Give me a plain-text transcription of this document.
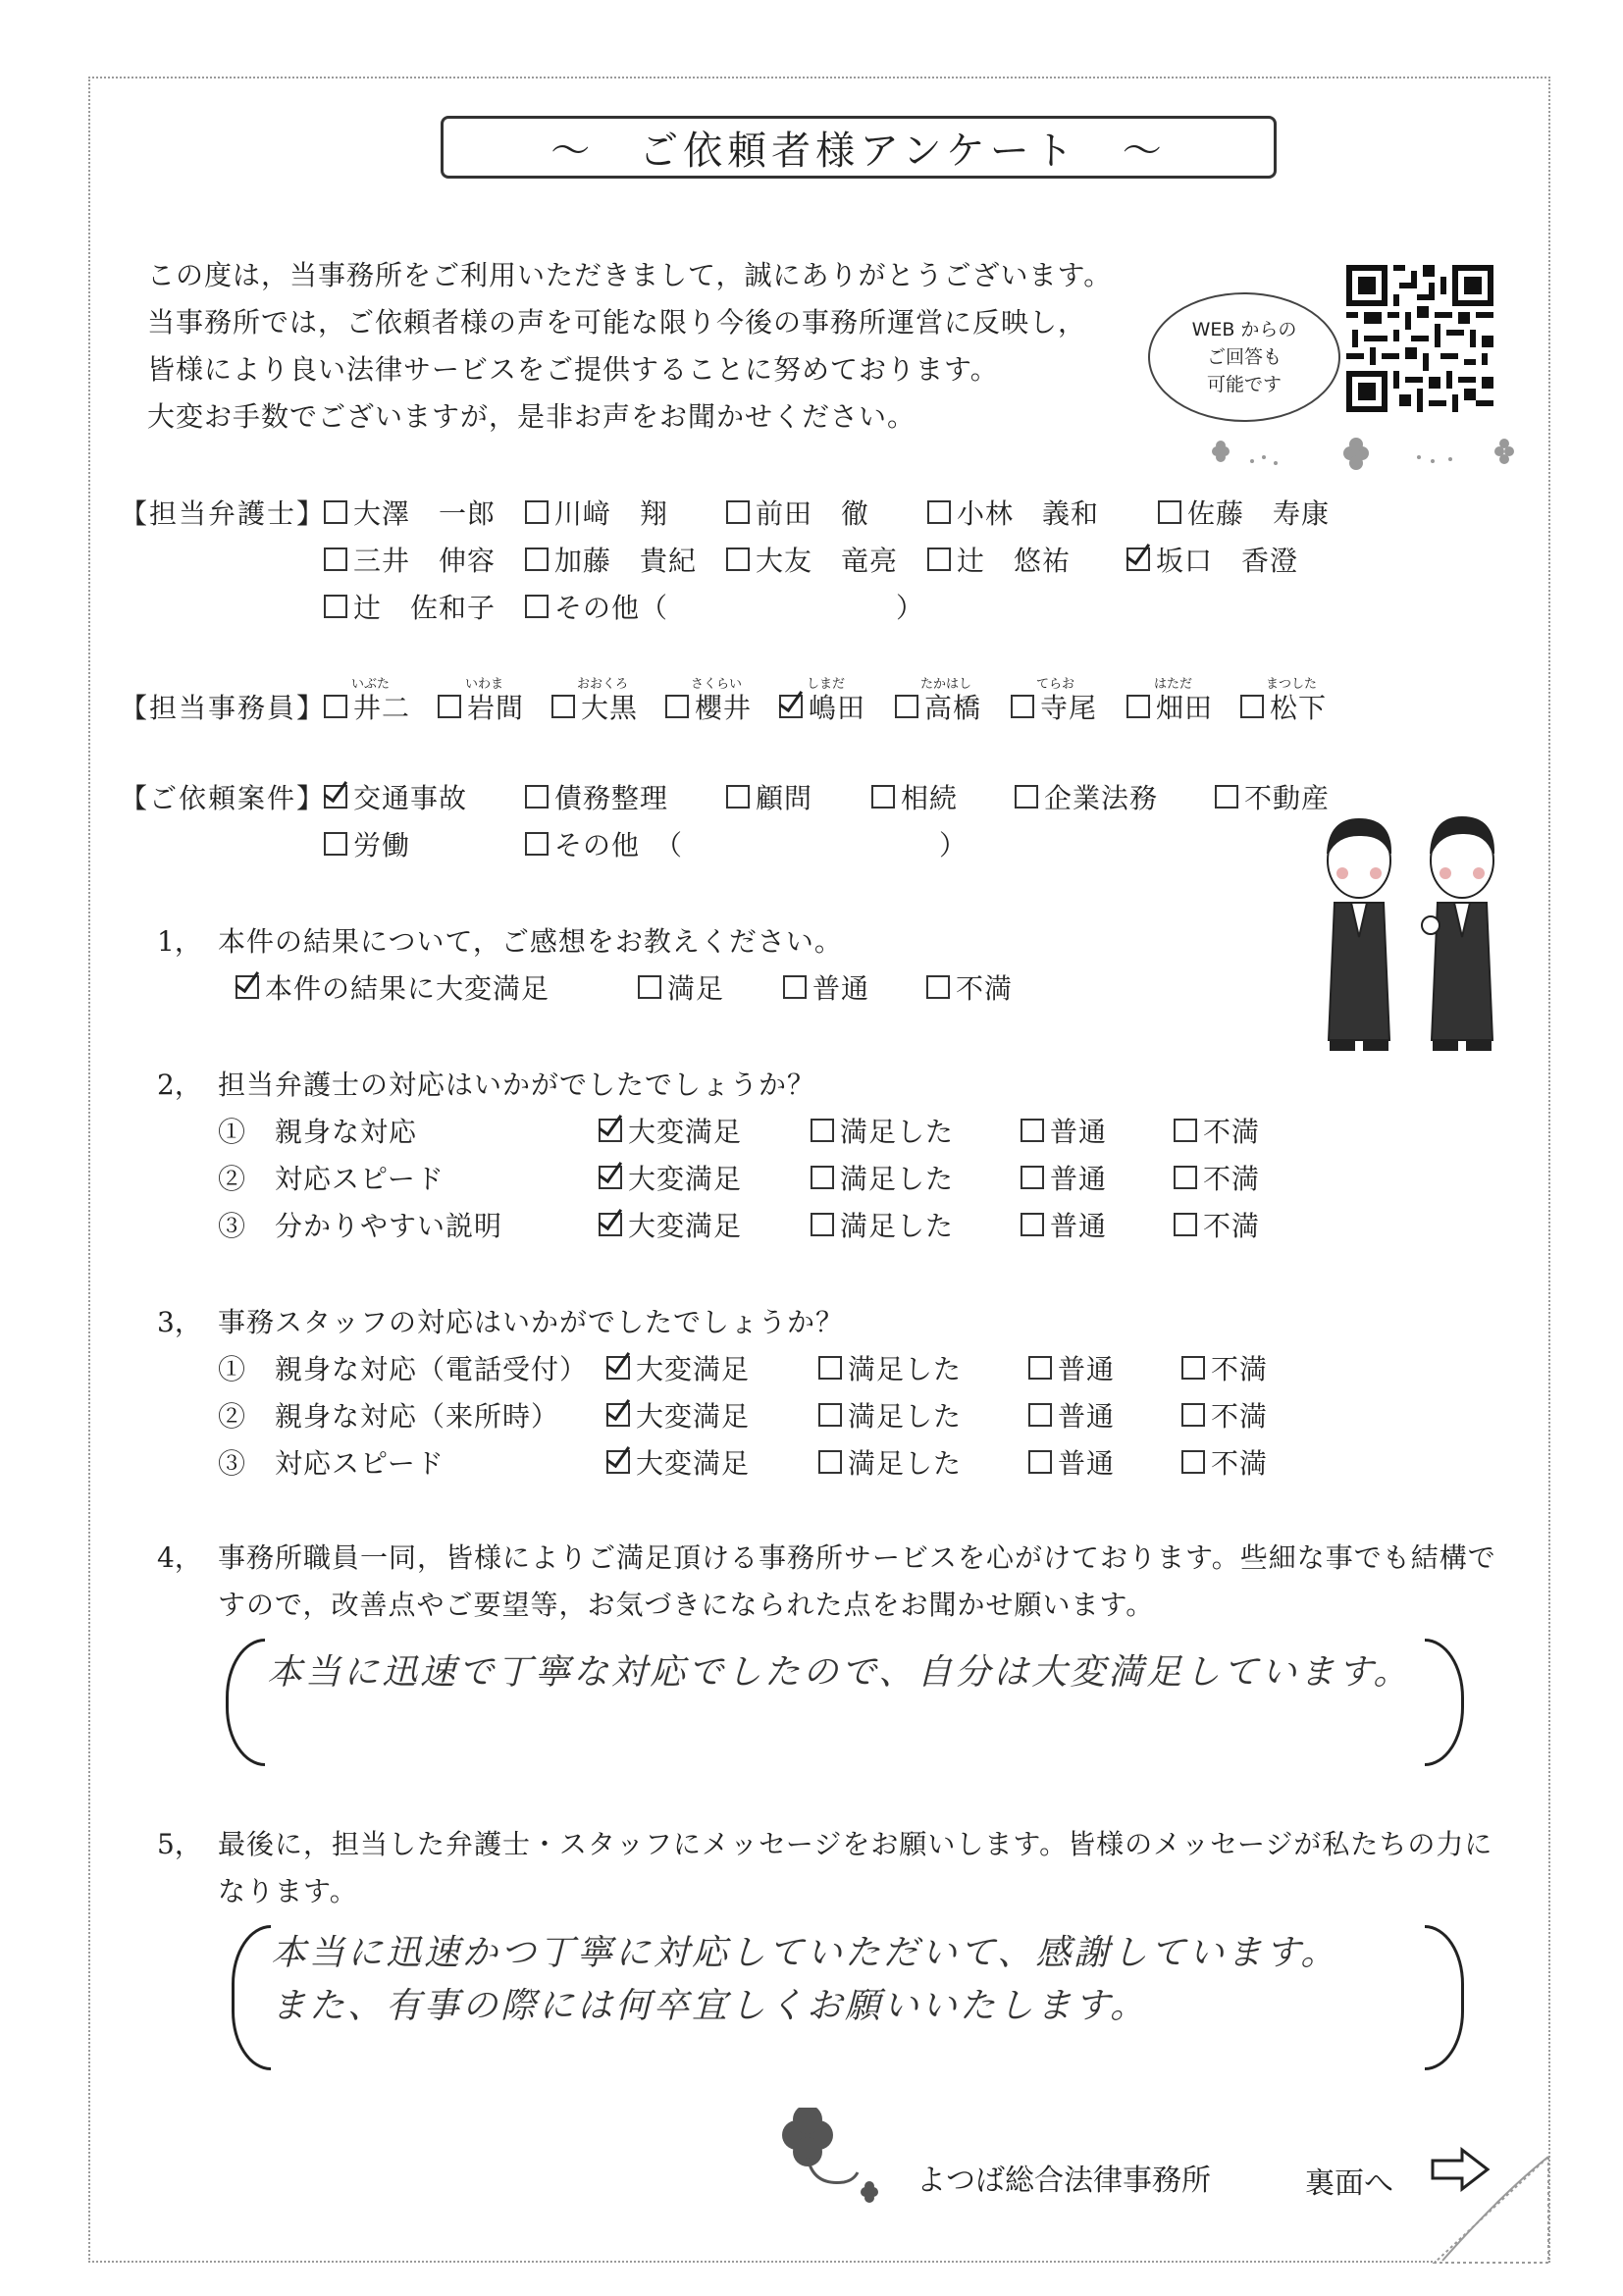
〜　ご依頼者様アンケート　〜
この度は，当事務所をご利用いただきまして，誠にありがとうございます。
当事務所では，ご依頼者様の声を可能な限り今後の事務所運営に反映し，
皆様により良い法律サービスをご提供することに努めております。
大変お手数でございますが，是非お声をお聞かせください。
WEB からの
ご回答も
可能です
【担当弁護士】 大澤　一郎 川﨑　翔	前田　徹	小林　義和	佐藤　寿康
三井　伸容 加藤　貴紀 大友　竜亮 辻　悠祐	坂口　香澄
辻　佐和子 その他（　　　　　　　　）
【担当事務員】
いぶた
井二
いわま
岩間
おおくろ
大黒
さくらい
櫻井
しまだ
嶋田
たかはし
高橋
てらお
寺尾
はただ
畑田
まつした
松下
【ご依頼案件】 交通事故	債務整理	顧問	相続	企業法務	不動産
労働	その他　（　　　　　　　　　）
1， 本件の結果について，ご感想をお教えください。
本件の結果に大変満足	満足	普通	不満
2， 担当弁護士の対応はいかがでしたでしょうか？
①　親身な対応	大変満足	満足した	普通	不満
②　対応スピード	大変満足	満足した	普通	不満
③　分かりやすい説明	大変満足	満足した	普通	不満
3， 事務スタッフの対応はいかがでしたでしょうか？
①　親身な対応（電話受付） 大変満足	満足した	普通	不満
②　親身な対応（来所時）	大変満足	満足した	普通	不満
③　対応スピード	大変満足	満足した	普通	不満
4， 事務所職員一同，皆様によりご満足頂ける事務所サービスを心がけております。些細な事でも結構で
すので，改善点やご要望等，お気づきになられた点をお聞かせ願います。
本当に迅速で丁寧な対応でしたので、自分は大変満足しています。
5， 最後に，担当した弁護士・スタッフにメッセージをお願いします。皆様のメッセージが私たちの力に
なります。
本当に迅速かつ丁寧に対応していただいて、感謝しています。
また、有事の際には何卒宜しくお願いいたします。
よつば総合法律事務所	裏面へ
